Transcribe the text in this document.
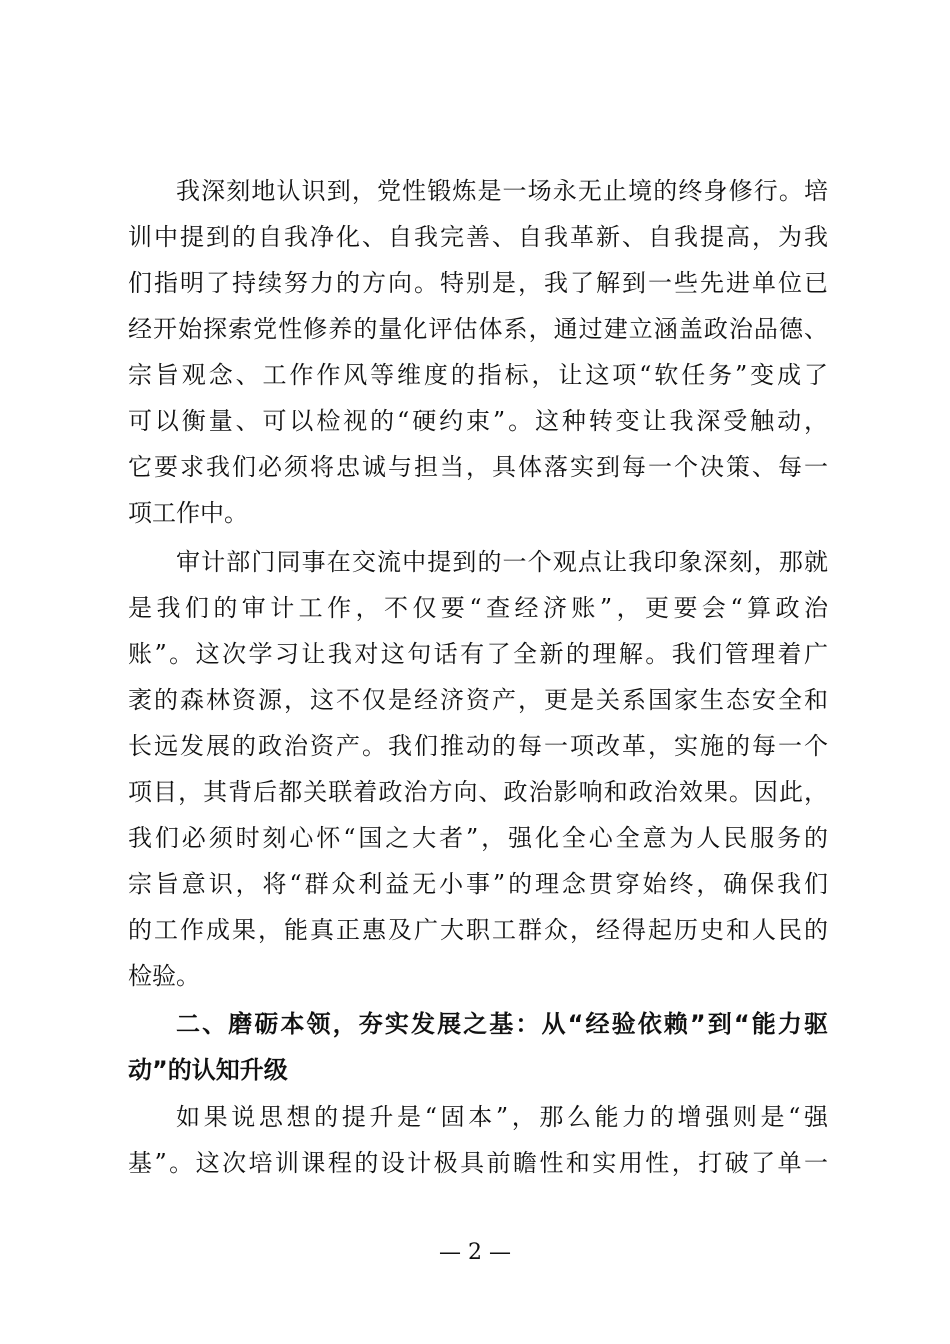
我深刻地认识到，党性锻炼是一场永无止境的终身修行。培
训中提到的自我净化、自我完善、自我革新、自我提高，为我
们指明了持续努力的方向。特别是，我了解到一些先进单位已
经开始探索党性修养的量化评估体系，通过建立涵盖政治品德、
宗旨观念、工作作风等维度的指标，让这项“软任务”变成了
可以衡量、可以检视的“硬约束”。这种转变让我深受触动，
它要求我们必须将忠诚与担当，具体落实到每一个决策、每一
项工作中。
审计部门同事在交流中提到的一个观点让我印象深刻，那就
是我们的审计工作，不仅要“查经济账”，更要会“算政治
账”。这次学习让我对这句话有了全新的理解。我们管理着广
袤的森林资源，这不仅是经济资产，更是关系国家生态安全和
长远发展的政治资产。我们推动的每一项改革，实施的每一个
项目，其背后都关联着政治方向、政治影响和政治效果。因此，
我们必须时刻心怀“国之大者”，强化全心全意为人民服务的
宗旨意识，将“群众利益无小事”的理念贯穿始终，确保我们
的工作成果，能真正惠及广大职工群众，经得起历史和人民的
检验。
二、磨砺本领，夯实发展之基：从“经验依赖”到“能力驱
动”的认知升级
如果说思想的提升是“固本”，那么能力的增强则是“强
基”。这次培训课程的设计极具前瞻性和实用性，打破了单一
— 2 —
